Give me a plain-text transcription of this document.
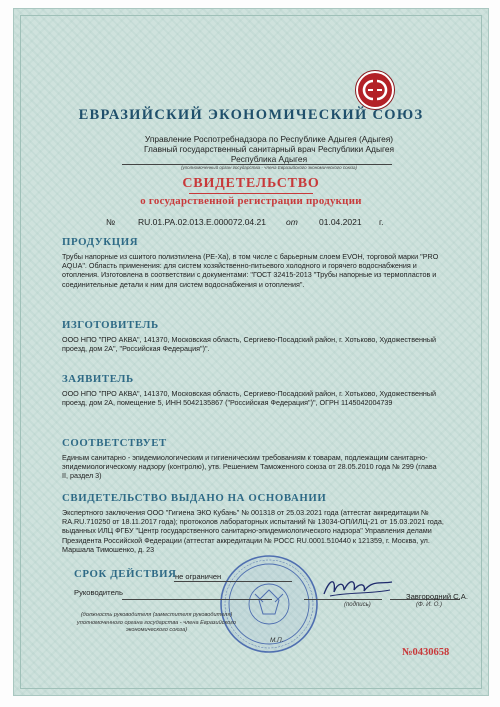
ЕВРАЗИЙСКИЙ ЭКОНОМИЧЕСКИЙ СОЮЗ
Управление Роспотребнадзора по Республике Адыгея (Адыгея)
Главный государственный санитарный врач Республики Адыгея
Республика Адыгея
(уполномоченный орган государства - члена Евразийского экономического союза)
СВИДЕТЕЛЬСТВО
о государственной регистрации продукции
№	RU.01.РА.02.013.Е.000072.04.21 от 01.04.2021 г.
ПРОДУКЦИЯ
Трубы напорные из сшитого полиэтилена (PE-Xa), в том числе с барьерным слоем EVOH, торговой марки "PRO AQUA". Область применения: для систем хозяйственно-питьевого холодного и горячего водоснабжения и отопления. Изготовлена в соответствии с документами: "ГОСТ 32415-2013 "Трубы напорные из термопластов и соединительные детали к ним для систем водоснабжения и отопления".
ИЗГОТОВИТЕЛЬ
ООО НПО "ПРО АКВА", 141370, Московская область, Сергиево-Посадский район, г. Хотьково, Художественный проезд, дом 2А", "Российская Федерация")".
ЗАЯВИТЕЛЬ
ООО НПО "ПРО АКВА", 141370, Московская область, Сергиево-Посадский район, г. Хотьково, Художественный проезд, дом 2А, помещение 5, ИНН 5042135867 ("Российская Федерация")", ОГРН 1145042004739
СООТВЕТСТВУЕТ
Единым санитарно - эпидемиологическим и гигиеническим требованиям к товарам, подлежащим санитарно-эпидемиологическому надзору (контролю), утв. Решением Таможенного союза от 28.05.2010 года № 299 (глава II, раздел 3)
СВИДЕТЕЛЬСТВО ВЫДАНО НА ОСНОВАНИИ
Экспертного заключения ООО "Гигиена ЭКО Кубань" № 001318 от 25.03.2021 года (аттестат аккредитации № RA.RU.710250 от 18.11.2017 года); протоколов лабораторных испытаний № 13034-ОП/ИЛЦ-21 от 15.03.2021 года, выданных ИЛЦ ФГБУ "Центр государственного санитарно-эпидемиологического надзора" Управления делами Президента Российской Федерации (аттестат аккредитации № РОСС RU.0001.510440 к 121359, г. Москва, ул. Маршала Тимошенко, д. 23
СРОК ДЕЙСТВИЯ
не ограничен
Руководитель	Завгородний С.А.
(подпись)	(Ф. И. О.)
(должность руководителя (заместителя руководителя) уполномоченного органа государства - члена Евразийского экономического союза)
М.П.
№0430658
